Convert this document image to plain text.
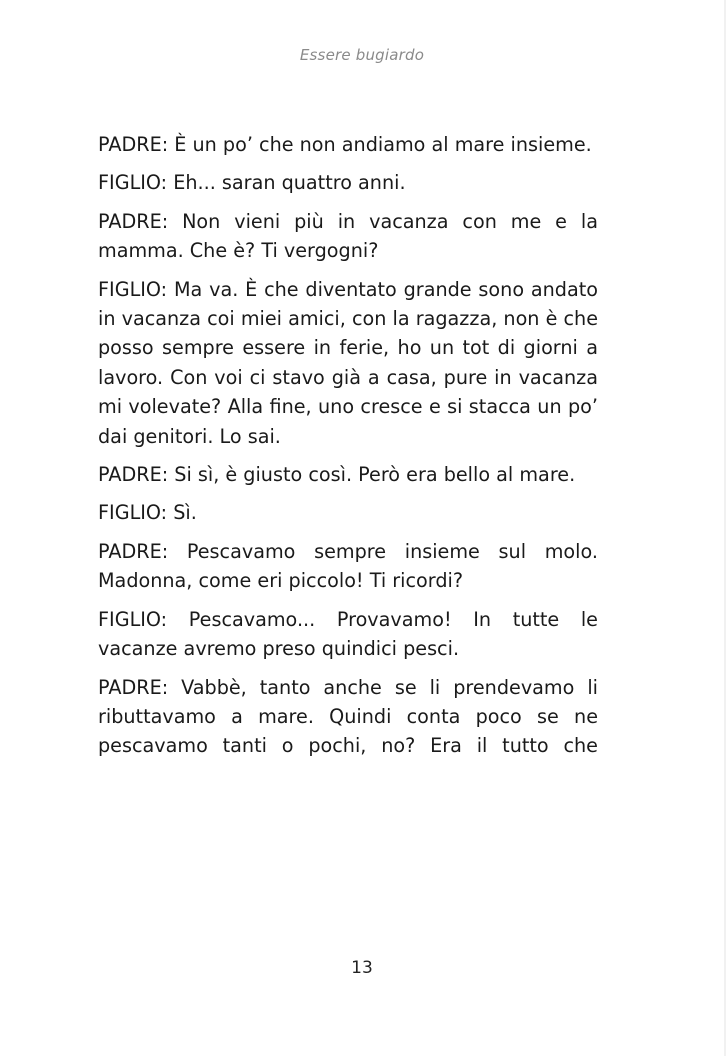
Essere bugiardo

PADRE: È un po’ che non andiamo al mare insieme.

FIGLIO: Eh... saran quattro anni.

PADRE: Non vieni più in vacanza con me e la mamma. Che è? Ti vergogni?

FIGLIO: Ma va. È che diventato grande sono andato in vacanza coi miei amici, con la ragazza, non è che posso sempre essere in ferie, ho un tot di giorni a lavoro. Con voi ci stavo già a casa, pure in vacanza mi volevate? Alla fine, uno cresce e si stacca un po’ dai genitori. Lo sai.

PADRE: Si sì, è giusto così. Però era bello al mare.

FIGLIO: Sì.

PADRE: Pescavamo sempre insieme sul molo. Madonna, come eri piccolo! Ti ricordi?

FIGLIO: Pescavamo... Provavamo! In tutte le vacanze avremo preso quindici pesci.

PADRE: Vabbè, tanto anche se li prendevamo li ributtavamo a mare. Quindi conta poco se ne pescavamo tanti o pochi, no? Era il tutto che

13
